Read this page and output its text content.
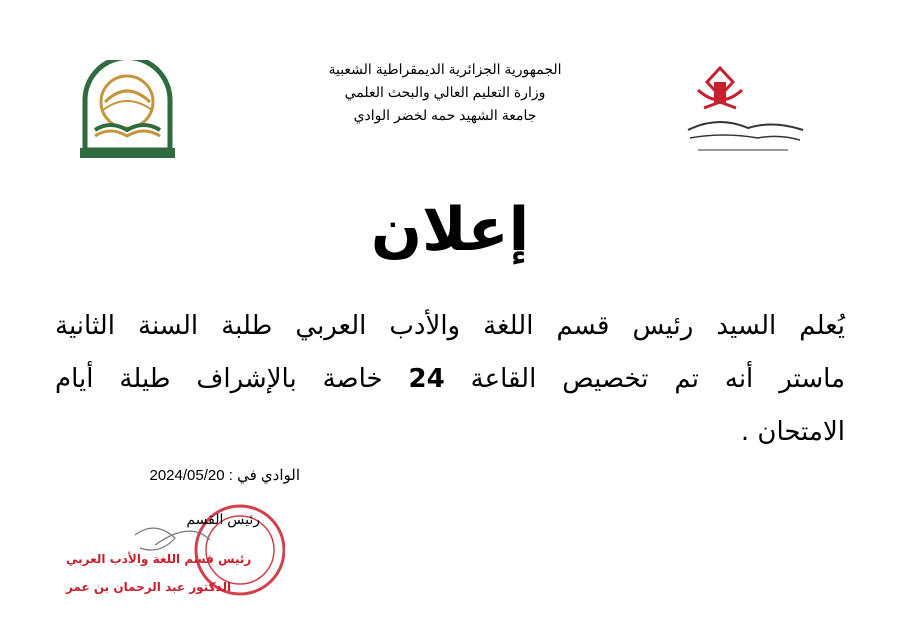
الجمهورية الجزائرية الديمقراطية الشعبية
وزارة التعليم العالي والبحث العلمي
جامعة الشهيد حمه لخضر الوادي
إعلان
يُعلم السيد رئيس قسم اللغة والأدب العربي طلبة السنة الثانية
ماستر أنه تم تخصيص القاعة 24 خاصة بالإشراف طيلة أيام
الامتحان .
الوادي في : 2024/05/20
رئيس القسم
رئيس قسم اللغة والأدب العربي
الدكتور عبد الرحمان بن عمر
